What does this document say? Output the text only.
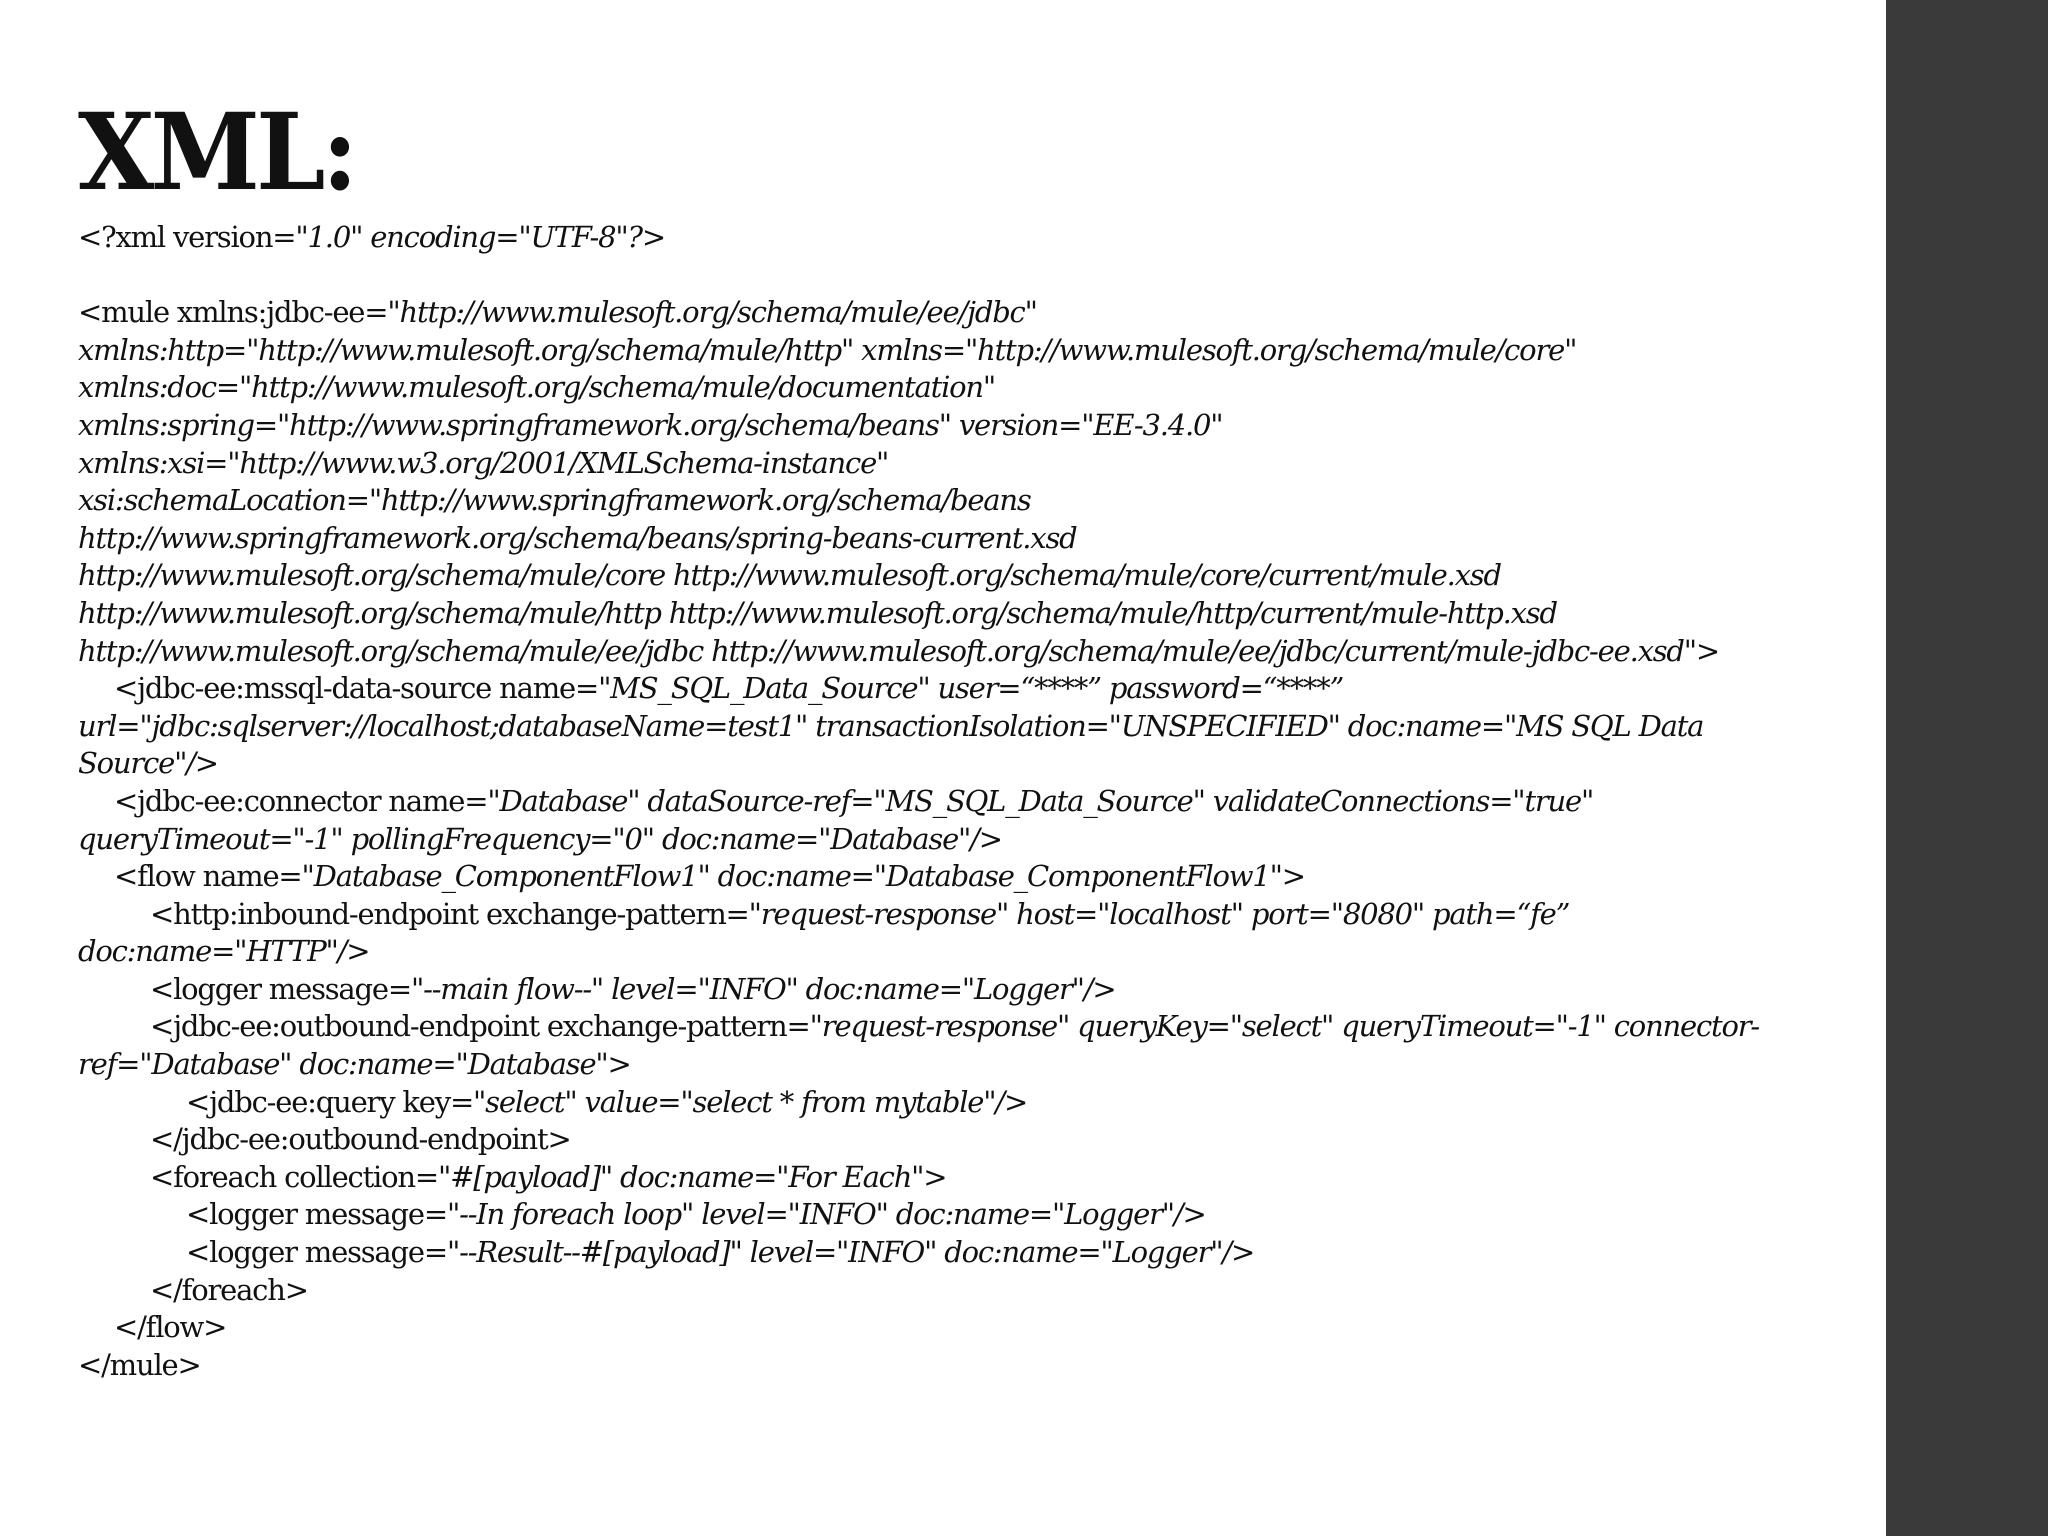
XML:
<?xml version="1.0" encoding="UTF-8"?>
<mule xmlns:jdbc-ee="http://www.mulesoft.org/schema/mule/ee/jdbc"
xmlns:http="http://www.mulesoft.org/schema/mule/http" xmlns="http://www.mulesoft.org/schema/mule/core"
xmlns:doc="http://www.mulesoft.org/schema/mule/documentation"
xmlns:spring="http://www.springframework.org/schema/beans" version="EE-3.4.0"
xmlns:xsi="http://www.w3.org/2001/XMLSchema-instance"
xsi:schemaLocation="http://www.springframework.org/schema/beans
http://www.springframework.org/schema/beans/spring-beans-current.xsd
http://www.mulesoft.org/schema/mule/core http://www.mulesoft.org/schema/mule/core/current/mule.xsd
http://www.mulesoft.org/schema/mule/http http://www.mulesoft.org/schema/mule/http/current/mule-http.xsd
http://www.mulesoft.org/schema/mule/ee/jdbc http://www.mulesoft.org/schema/mule/ee/jdbc/current/mule-jdbc-ee.xsd">
<jdbc-ee:mssql-data-source name="MS_SQL_Data_Source" user=“****” password=“****”
url="jdbc:sqlserver://localhost;databaseName=test1" transactionIsolation="UNSPECIFIED" doc:name="MS SQL Data
Source"/>
<jdbc-ee:connector name="Database" dataSource-ref="MS_SQL_Data_Source" validateConnections="true"
queryTimeout="-1" pollingFrequency="0" doc:name="Database"/>
<flow name="Database_ComponentFlow1" doc:name="Database_ComponentFlow1">
<http:inbound-endpoint exchange-pattern="request-response" host="localhost" port="8080" path=“fe”
doc:name="HTTP"/>
<logger message="--main flow--" level="INFO" doc:name="Logger"/>
<jdbc-ee:outbound-endpoint exchange-pattern="request-response" queryKey="select" queryTimeout="-1" connector-
ref="Database" doc:name="Database">
<jdbc-ee:query key="select" value="select * from mytable"/>
</jdbc-ee:outbound-endpoint>
<foreach collection="#[payload]" doc:name="For Each">
<logger message="--In foreach loop" level="INFO" doc:name="Logger"/>
<logger message="--Result--#[payload]" level="INFO" doc:name="Logger"/>
</foreach>
</flow>
</mule>
